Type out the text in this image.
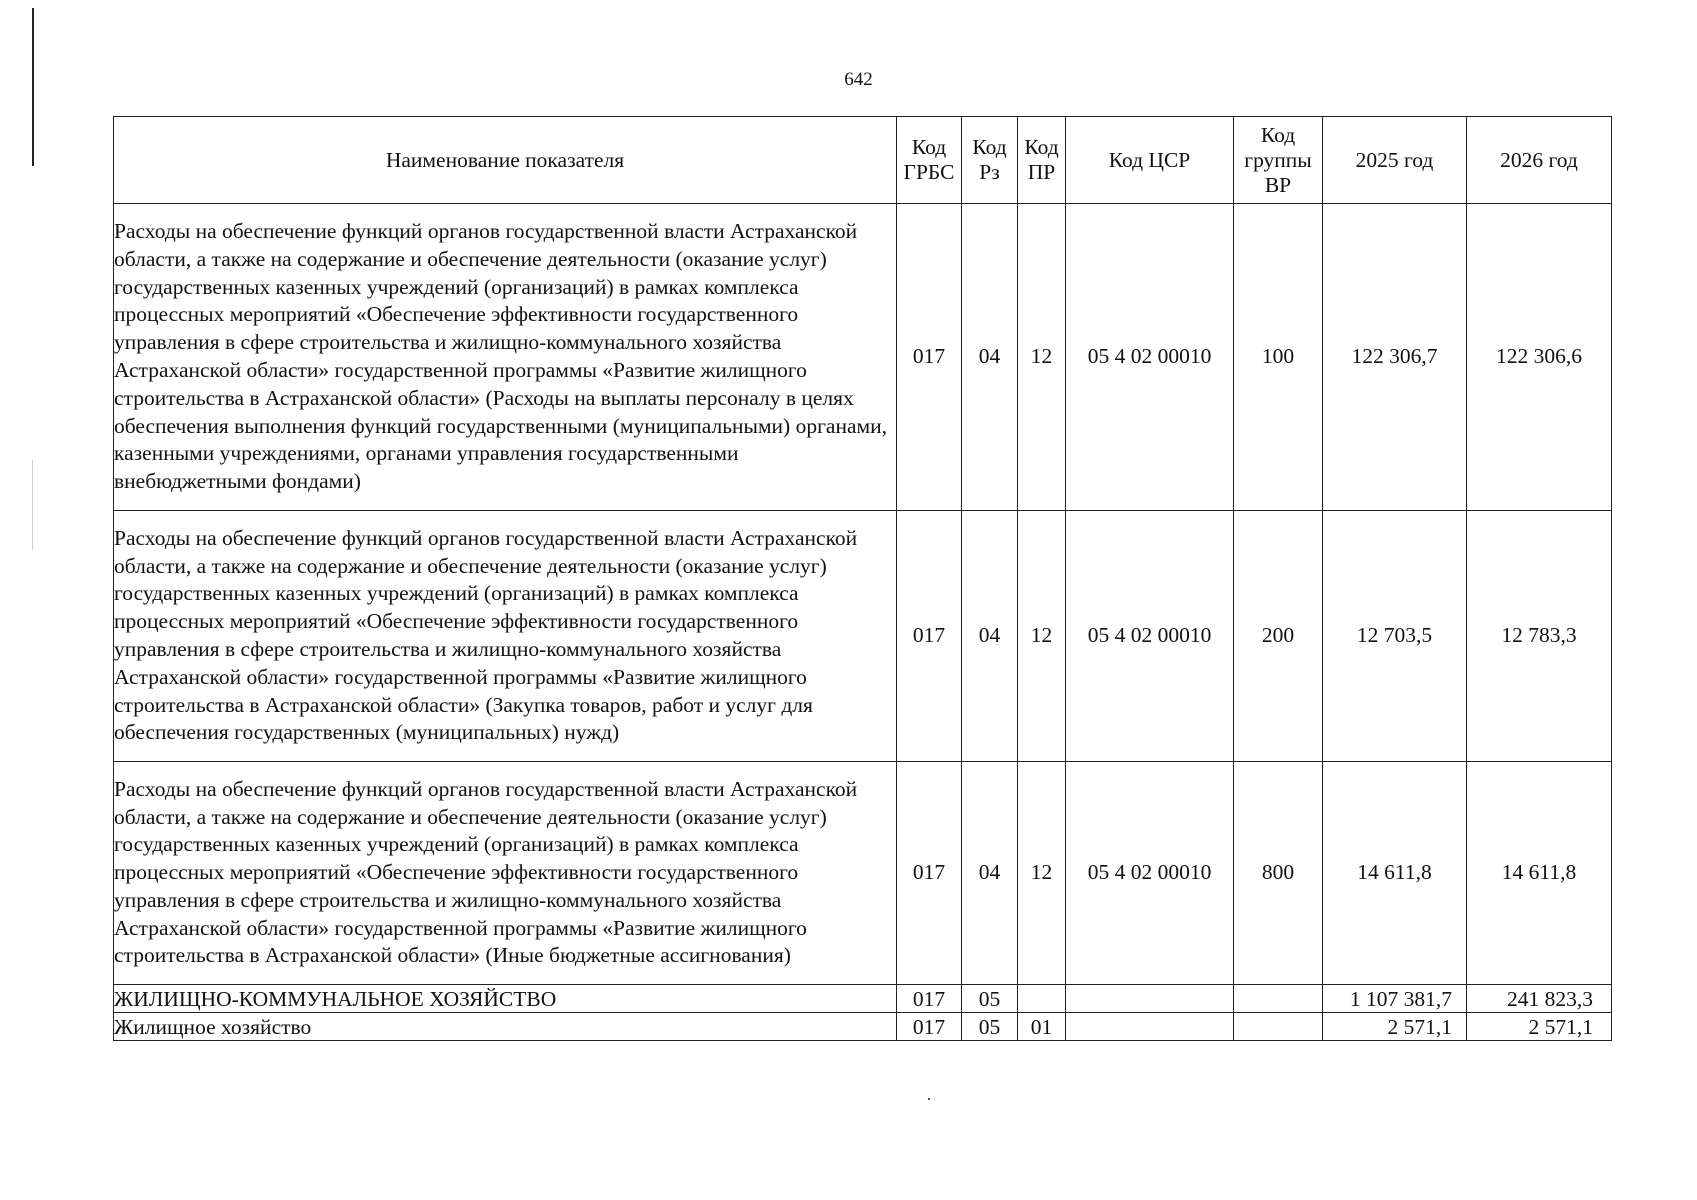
642
Наименование показателя	Код ГРБС	Код Рз	Код ПР	Код ЦСР	Код группы ВР	2025 год	2026 год
Расходы на обеспечение функций органов государственной власти Астраханской области, а также на содержание и обеспечение деятельности (оказание услуг) государственных казенных учреждений (организаций) в рамках комплекса процессных мероприятий «Обеспечение эффективности государственного управления в сфере строительства и жилищно-коммунального хозяйства Астраханской области» государственной программы «Развитие жилищного строительства в Астраханской области» (Расходы на выплаты персоналу в целях обеспечения выполнения функций государственными (муниципальными) органами, казенными учреждениями, органами управления государственными внебюджетными фондами)	017	04	12	05 4 02 00010	100	122 306,7	122 306,6
Расходы на обеспечение функций органов государственной власти Астраханской области, а также на содержание и обеспечение деятельности (оказание услуг) государственных казенных учреждений (организаций) в рамках комплекса процессных мероприятий «Обеспечение эффективности государственного управления в сфере строительства и жилищно-коммунального хозяйства Астраханской области» государственной программы «Развитие жилищного строительства в Астраханской области» (Закупка товаров, работ и услуг для обеспечения государственных (муниципальных) нужд)	017	04	12	05 4 02 00010	200	12 703,5	12 783,3
Расходы на обеспечение функций органов государственной власти Астраханской области, а также на содержание и обеспечение деятельности (оказание услуг) государственных казенных учреждений (организаций) в рамках комплекса процессных мероприятий «Обеспечение эффективности государственного управления в сфере строительства и жилищно-коммунального хозяйства Астраханской области» государственной программы «Развитие жилищного строительства в Астраханской области» (Иные бюджетные ассигнования)	017	04	12	05 4 02 00010	800	14 611,8	14 611,8
ЖИЛИЩНО-КОММУНАЛЬНОЕ ХОЗЯЙСТВО	017	05				1 107 381,7	241 823,3
Жилищное хозяйство	017	05	01			2 571,1	2 571,1
